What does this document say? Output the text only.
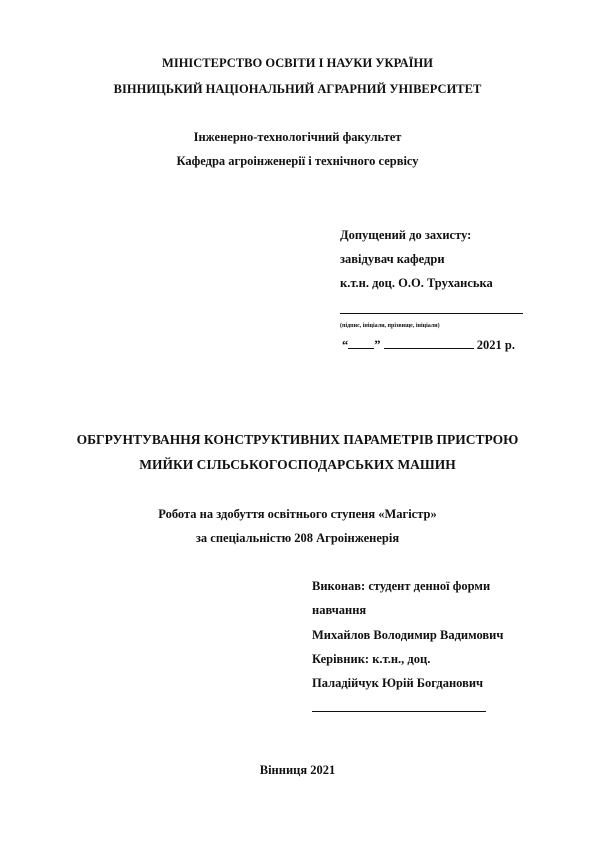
МІНІСТЕРСТВО ОСВІТИ І НАУКИ УКРАЇНИ
ВІННИЦЬКИЙ НАЦІОНАЛЬНИЙ АГРАРНИЙ УНІВЕРСИТЕТ
Інженерно-технологічний факультет
Кафедра агроінженерії і технічного сервісу
Допущений до захисту:
завідувач кафедри
к.т.н. доц. О.О. Труханська
(підпис, ініціали, прізвище, ініціали)
“ ”	2021 р.
ОБГРУНТУВАННЯ КОНСТРУКТИВНИХ ПАРАМЕТРІВ ПРИСТРОЮ
МИЙКИ СІЛЬСЬКОГОСПОДАРСЬКИХ МАШИН
Робота на здобуття освітнього ступеня «Магістр»
за спеціальністю 208 Агроінженерія
Виконав: студент денної форми
навчання
Михайлов Володимир Вадимович
Керівник: к.т.н., доц.
Паладійчук Юрій Богданович
Вінниця 2021
